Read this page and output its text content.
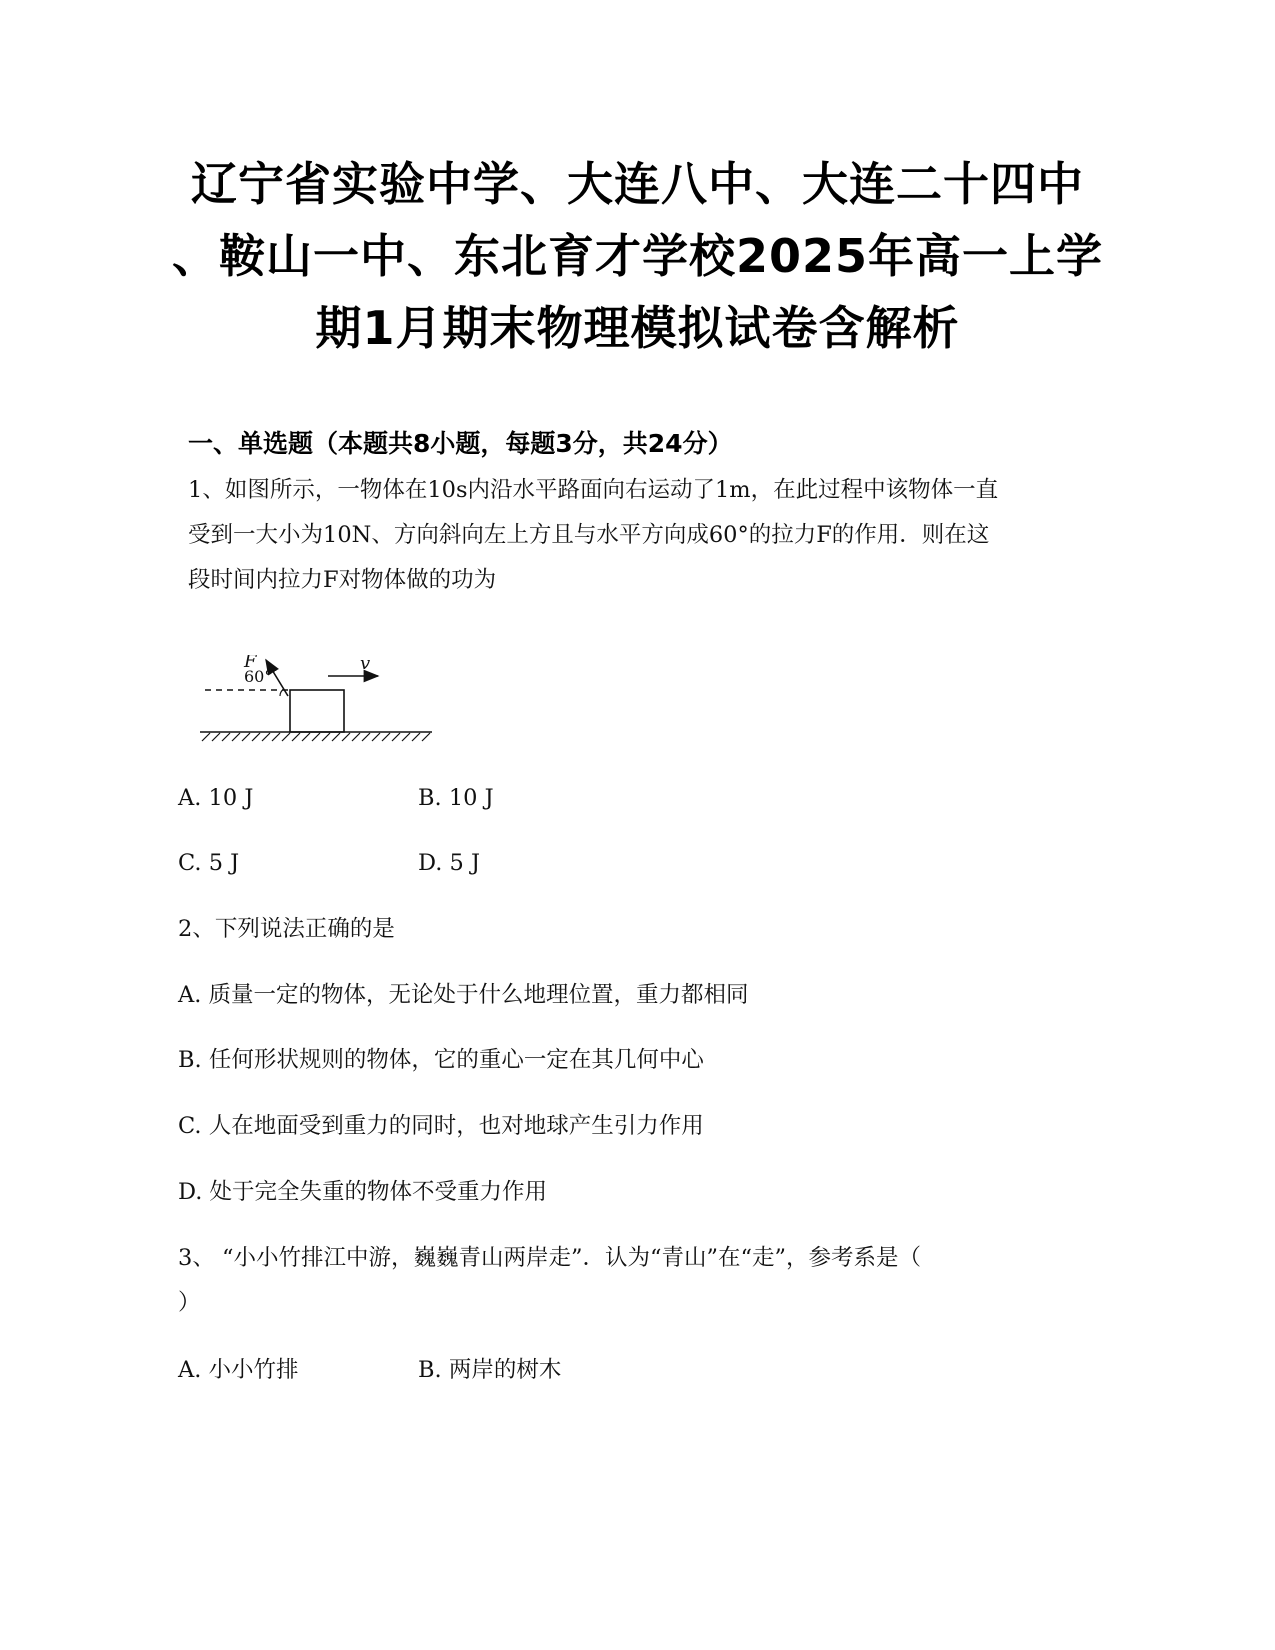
辽宁省实验中学、大连八中、大连二十四中
、鞍山一中、东北育才学校2025年高一上学
期1月期末物理模拟试卷含解析
一、单选题（本题共8小题，每题3分，共24分）
1、如图所示，一物体在10s内沿水平路面向右运动了1m，在此过程中该物体一直
受到一大小为10N、方向斜向左上方且与水平方向成60°的拉力F的作用．则在这
段时间内拉力F对物体做的功为
F
60°
v
A. 10 J	B. 10 J
C. 5 J	D. 5 J
2、下列说法正确的是
A. 质量一定的物体，无论处于什么地理位置，重力都相同
B. 任何形状规则的物体，它的重心一定在其几何中心
C. 人在地面受到重力的同时，也对地球产生引力作用
D. 处于完全失重的物体不受重力作用
3、 “小小竹排江中游，巍巍青山两岸走”．认为“青山”在“走”，参考系是（
）
A. 小小竹排	B. 两岸的树木
